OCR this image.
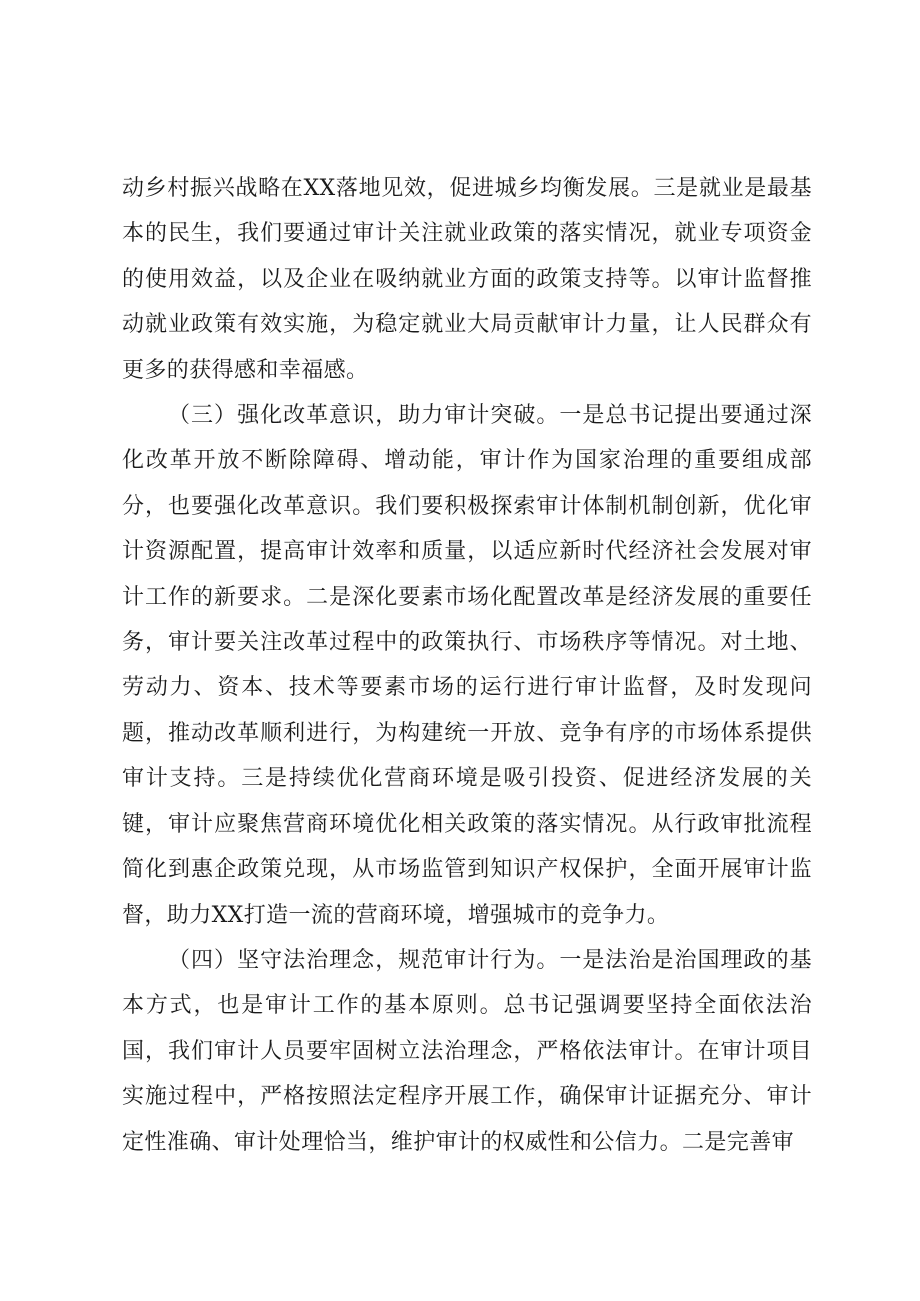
动乡村振兴战略在XX落地见效，促进城乡均衡发展。三是就业是最基本的民生，我们要通过审计关注就业政策的落实情况，就业专项资金的使用效益，以及企业在吸纳就业方面的政策支持等。以审计监督推动就业政策有效实施，为稳定就业大局贡献审计力量，让人民群众有更多的获得感和幸福感。

（三）强化改革意识，助力审计突破。一是总书记提出要通过深化改革开放不断除障碍、增动能，审计作为国家治理的重要组成部分，也要强化改革意识。我们要积极探索审计体制机制创新，优化审计资源配置，提高审计效率和质量，以适应新时代经济社会发展对审计工作的新要求。二是深化要素市场化配置改革是经济发展的重要任务，审计要关注改革过程中的政策执行、市场秩序等情况。对土地、劳动力、资本、技术等要素市场的运行进行审计监督，及时发现问题，推动改革顺利进行，为构建统一开放、竞争有序的市场体系提供审计支持。三是持续优化营商环境是吸引投资、促进经济发展的关键，审计应聚焦营商环境优化相关政策的落实情况。从行政审批流程简化到惠企政策兑现，从市场监管到知识产权保护，全面开展审计监督，助力XX打造一流的营商环境，增强城市的竞争力。

（四）坚守法治理念，规范审计行为。一是法治是治国理政的基本方式，也是审计工作的基本原则。总书记强调要坚持全面依法治国，我们审计人员要牢固树立法治理念，严格依法审计。在审计项目实施过程中，严格按照法定程序开展工作，确保审计证据充分、审计定性准确、审计处理恰当，维护审计的权威性和公信力。二是完善审
